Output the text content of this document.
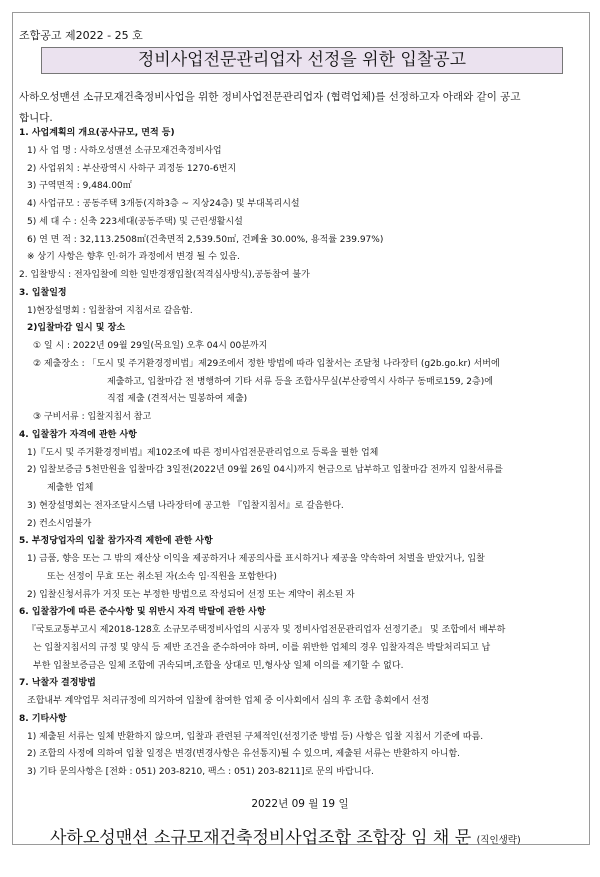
조합공고 제2022 - 25 호
정비사업전문관리업자 선정을 위한 입찰공고
사하오성맨션 소규모재건축정비사업을 위한 정비사업전문관리업자 (협력업체)를 선정하고자 아래와 같이 공고
합니다.
1. 사업계획의 개요(공사규모, 면적 등)
1) 사 업 명 : 사하오성맨션 소규모재건축정비사업
2) 사업위치 : 부산광역시 사하구 괴정동 1270-6번지
3) 구역면적 : 9,484.00㎡
4) 사업규모 : 공동주택 3개동(지하3층 ~ 지상24층) 및 부대복리시설
5) 세 대 수 : 신축 223세대(공동주택) 및 근린생활시설
6) 연 면 적 : 32,113.2508㎡(건축면적 2,539.50㎡, 건폐율 30.00%, 용적률 239.97%)
※ 상기 사항은 향후 인·허가 과정에서 변경 될 수 있음.
2. 입찰방식 : 전자입찰에 의한 일반경쟁입찰(적격심사방식),공동참여 불가
3. 입찰일정
1)현장설명회 : 입찰참여 지침서로 갈음함.
2)입찰마감 일시 및 장소
① 일 시 : 2022년 09월 29일(목요일) 오후 04시 00분까지
② 제출장소 : 「도시 및 주거환경정비법」제29조에서 정한 방법에 따라 입찰서는 조달청 나라장터 (g2b.go.kr) 서버에
제출하고, 입찰마감 전 병행하여 기타 서류 등을 조합사무실(부산광역시 사하구 동매로159, 2층)에
직접 제출 (견적서는 밀봉하여 제출)
③ 구비서류 : 입찰지침서 참고
4. 입찰참가 자격에 관한 사항
1)『도시 및 주거환경정비법』제102조에 따른 정비사업전문관리업으로 등록을 필한 업체
2) 입찰보증금 5천만원을 입찰마감 3일전(2022년 09월 26일 04시)까지 현금으로 납부하고 입찰마감 전까지 입찰서류를
제출한 업체
3) 현장설명회는 전자조달시스템 나라장터에 공고한 『입찰지침서』로 갈음한다.
2) 컨소시엄불가
5. 부정당업자의 입찰 참가자격 제한에 관한 사항
1) 금품, 향응 또는 그 밖의 재산상 이익을 제공하거나 제공의사를 표시하거나 제공을 약속하여 처벌을 받았거나, 입찰
또는 선정이 무효 또는 취소된 자(소속 임·직원을 포함한다)
2) 입찰신청서류가 거짓 또는 부정한 방법으로 작성되어 선정 또는 계약이 취소된 자
6. 입찰참가에 따른 준수사항 및 위반시 자격 박탈에 관한 사항
『국토교통부고시 제2018-128호 소규모주택정비사업의 시공자 및 정비사업전문관리업자 선정기준』 및 조합에서 배부하
는 입찰지침서의 규정 및 양식 등 제반 조건을 준수하여야 하며, 이를 위반한 업체의 경우 입찰자격은 박탈처리되고 납
부한 입찰보증금은 일체 조합에 귀속되며,조합을 상대로 민,형사상 일체 이의를 제기할 수 없다.
7. 낙찰자 결정방법
조합내부 계약업무 처리규정에 의거하여 입찰에 참여한 업체 중 이사회에서 심의 후 조합 총회에서 선정
8. 기타사항
1) 제출된 서류는 일체 반환하지 않으며, 입찰과 관련된 구체적인(선정기준 방법 등) 사항은 입찰 지침서 기준에 따름.
2) 조합의 사정에 의하여 입찰 일정은 변경(변경사항은 유선통지)될 수 있으며, 제출된 서류는 반환하지 아니함.
3) 기타 문의사항은 [전화 : 051) 203-8210, 팩스 : 051) 203-8211]로 문의 바랍니다.
2022년 09 월 19 일
사하오성맨션 소규모재건축정비사업조합 조합장 임 채 문 (직인생략)
